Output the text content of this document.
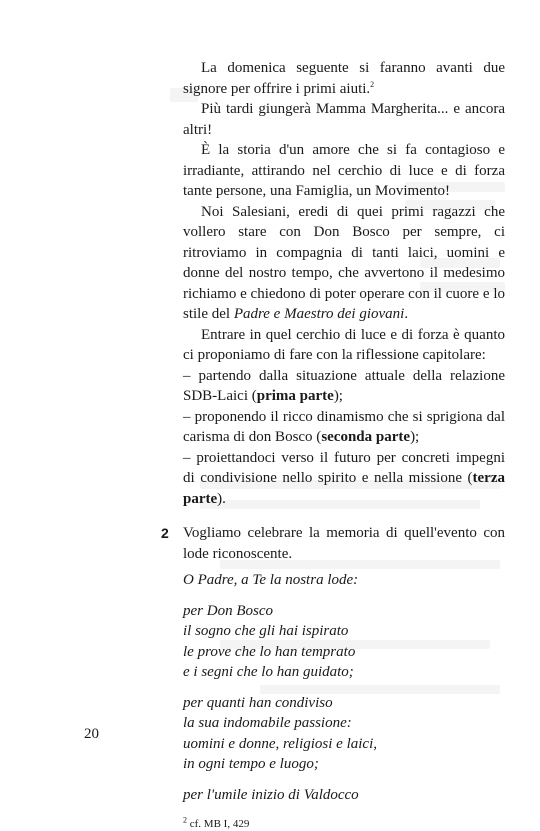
La domenica seguente si faranno avanti due signore per offrire i primi aiuti.$^2$

Più tardi giungerà Mamma Margherita... e ancora altri!

È la storia d'un amore che si fa contagioso e irradiante, attirando nel cerchio di luce e di forza tante persone, una Famiglia, un Movimento!

Noi Salesiani, eredi di quei primi ragazzi che vollero stare con Don Bosco per sempre, ci ritroviamo in compagnia di tanti laici, uomini e donne del nostro tempo, che avvertono il medesimo richiamo e chiedono di poter operare con il cuore e lo stile del Padre e Maestro dei giovani.

Entrare in quel cerchio di luce e di forza è quanto ci proponiamo di fare con la riflessione capitolare:

– partendo dalla situazione attuale della relazione SDB-Laici (prima parte);

– proponendo il ricco dinamismo che si sprigiona dal carisma di don Bosco (seconda parte);

– proiettandoci verso il futuro per concreti impegni di condivisione nello spirito e nella missione (terza parte).

2 Vogliamo celebrare la memoria di quell'evento con lode riconoscente.

O Padre, a Te la nostra lode:
per Don Bosco
il sogno che gli hai ispirato
le prove che lo han temprato
e i segni che lo han guidato;
per quanti han condiviso
la sua indomabile passione:
uomini e donne, religiosi e laici,
in ogni tempo e luogo;
per l'umile inizio di Valdocco
$^2$ cf. MB I, 429
20
